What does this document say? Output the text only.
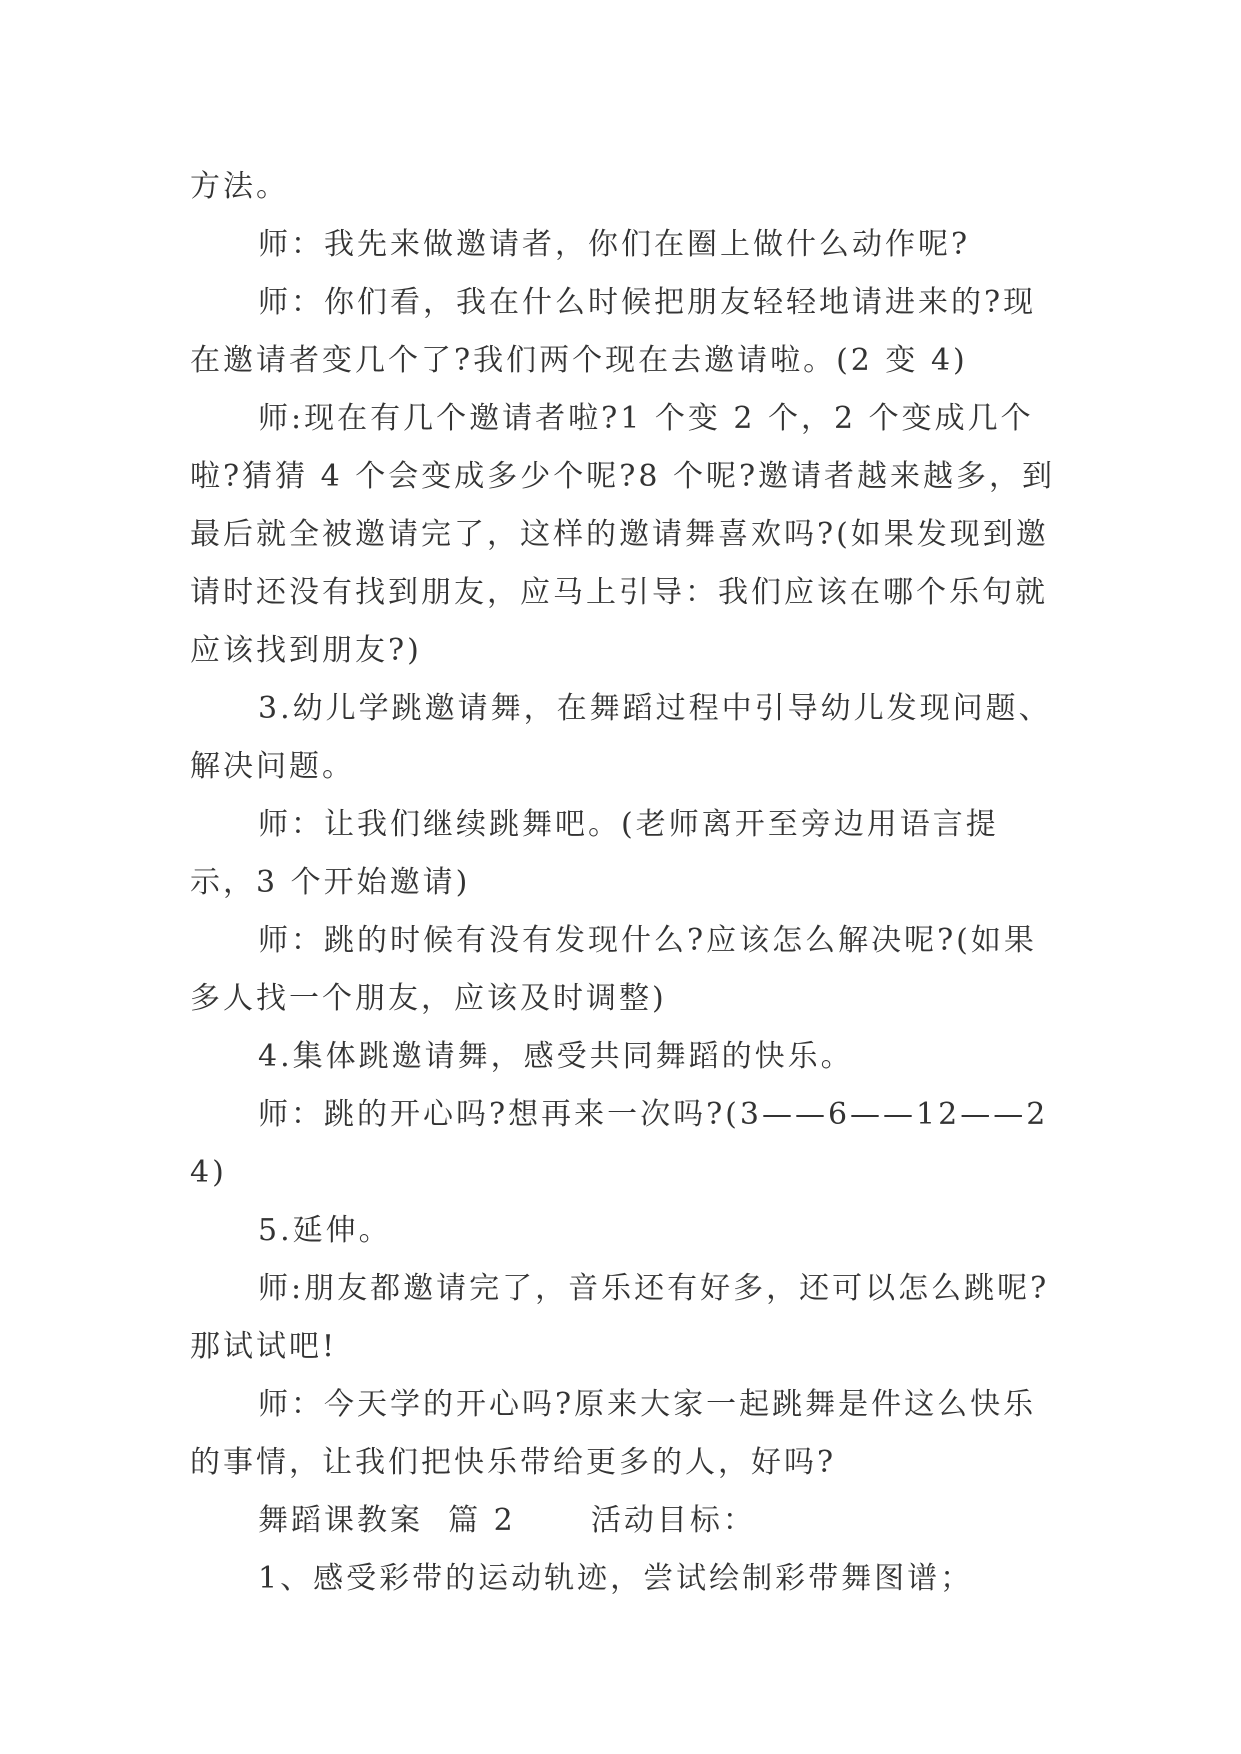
方法。

师：我先来做邀请者，你们在圈上做什么动作呢?

师：你们看，我在什么时候把朋友轻轻地请进来的?现在邀请者变几个了?我们两个现在去邀请啦。(2 变 4)

师:现在有几个邀请者啦?1 个变 2 个，2 个变成几个啦?猜猜 4 个会变成多少个呢?8 个呢?邀请者越来越多，到最后就全被邀请完了，这样的邀请舞喜欢吗?(如果发现到邀请时还没有找到朋友，应马上引导：我们应该在哪个乐句就应该找到朋友?)

3.幼儿学跳邀请舞，在舞蹈过程中引导幼儿发现问题、解决问题。

师：让我们继续跳舞吧。(老师离开至旁边用语言提示，3 个开始邀请)

师：跳的时候有没有发现什么?应该怎么解决呢?(如果多人找一个朋友，应该及时调整)

4.集体跳邀请舞，感受共同舞蹈的快乐。

师：跳的开心吗?想再来一次吗?(3——6——12——24)

5.延伸。

师:朋友都邀请完了，音乐还有好多，还可以怎么跳呢?那试试吧!

师：今天学的开心吗?原来大家一起跳舞是件这么快乐的事情，让我们把快乐带给更多的人，好吗?

舞蹈课教案  篇 2      活动目标：

1、感受彩带的运动轨迹，尝试绘制彩带舞图谱；
